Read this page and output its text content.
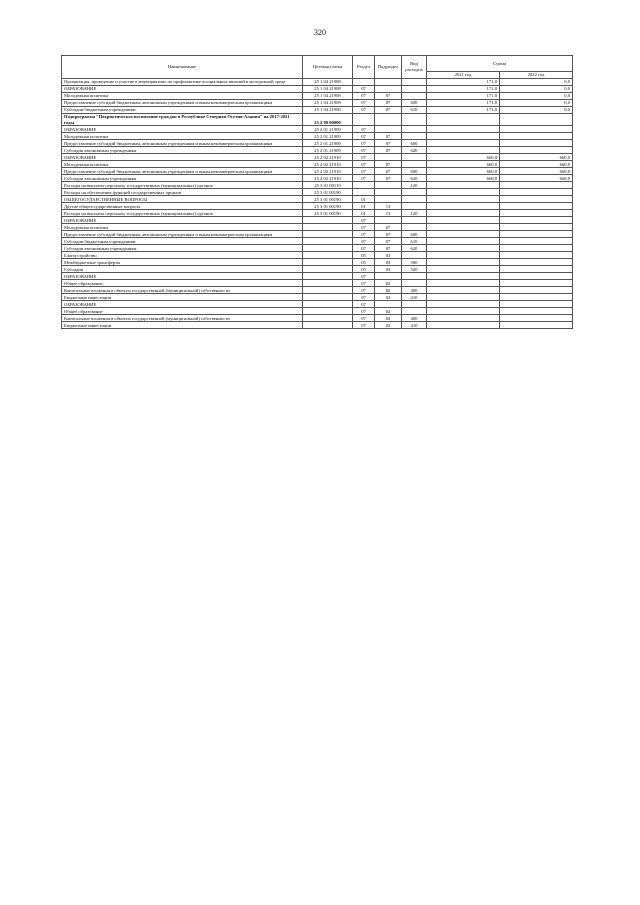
320
Наименование	Целевая статья	Раздел	Подраздел	Вид расходов	Сумма	
					2021 год	2022 год
Организация, проведение и участие в мероприятиях по профилактике асоциальных явлений в молодежной среде	25 1 04 21908				171,0	0,0
ОБРАЗОВАНИЕ	25 1 04 21908	07			171,0	0,0
Молодежная политика	25 1 04 21908	07	07		171,0	0,0
Предоставление субсидий бюджетным, автономным учреждениям и иным некоммерческим организациям	25 1 04 21908	07	07	600	171,0	0,0
Субсидии бюджетным учреждениям	25 1 04 21908	07	07	610	171,0	0,0
Подпрограмма "Патриотическое воспитание граждан в Республике Северная Осетия-Алания" на 2017-2021 годы	25 2 00 00000					
ОБРАЗОВАНИЕ	25 2 01 21909	07				
Молодежная политика	25 2 01 21909	07	07			
Предоставление субсидий бюджетным, автономным учреждениям и иным некоммерческим организациям	25 2 01 21909	07	07	600		
Субсидии автономным учреждениям	25 2 01 21909	07	07	620		
ОБРАЗОВАНИЕ	25 2 02 21910	07			660,0	660,0
Молодежная политика	25 2 02 21910	07	07		660,0	660,0
Предоставление субсидий бюджетным, автономным учреждениям и иным некоммерческим организациям	25 2 02 21910	07	07	600	660,0	660,0
Субсидии автономным учреждениям	25 2 02 21910	07	07	620	660,0	660,0
Расходы на выплаты персоналу государственных (муниципальных) органов	25 3 01 00110			120		
Расходы на обеспечение функций государственных органов	25 3 01 00190					
ОБЩЕГОСУДАРСТВЕННЫЕ ВОПРОСЫ	25 3 01 00190	01				
Другие общегосударственные вопросы	25 3 01 00190	01	13			
Расходы на выплаты персоналу государственных (муниципальных) органов	25 3 01 00190	01	13	120		
ОБРАЗОВАНИЕ		07				
Молодежная политика		07	07			
Предоставление субсидий бюджетным, автономным учреждениям и иным некоммерческим организациям		07	07	600		
Субсидии бюджетным учреждениям		07	07	610		
Субсидии автономным учреждениям		07	07	620		
Благоустройство		05	03			
Межбюджетные трансферты		05	03	500		
Субсидии		05	03	520		
ОБРАЗОВАНИЕ		07				
Общее образование		07	02			
Капитальные вложения в объекты государственной (муниципальной) собственности		07	02	400		
Бюджетные инвестиции		07	02	410		
ОБРАЗОВАНИЕ		07				
Общее образование		07	02			
Капитальные вложения в объекты государственной (муниципальной) собственности		07	02	400		
Бюджетные инвестиции		07	02	410		
